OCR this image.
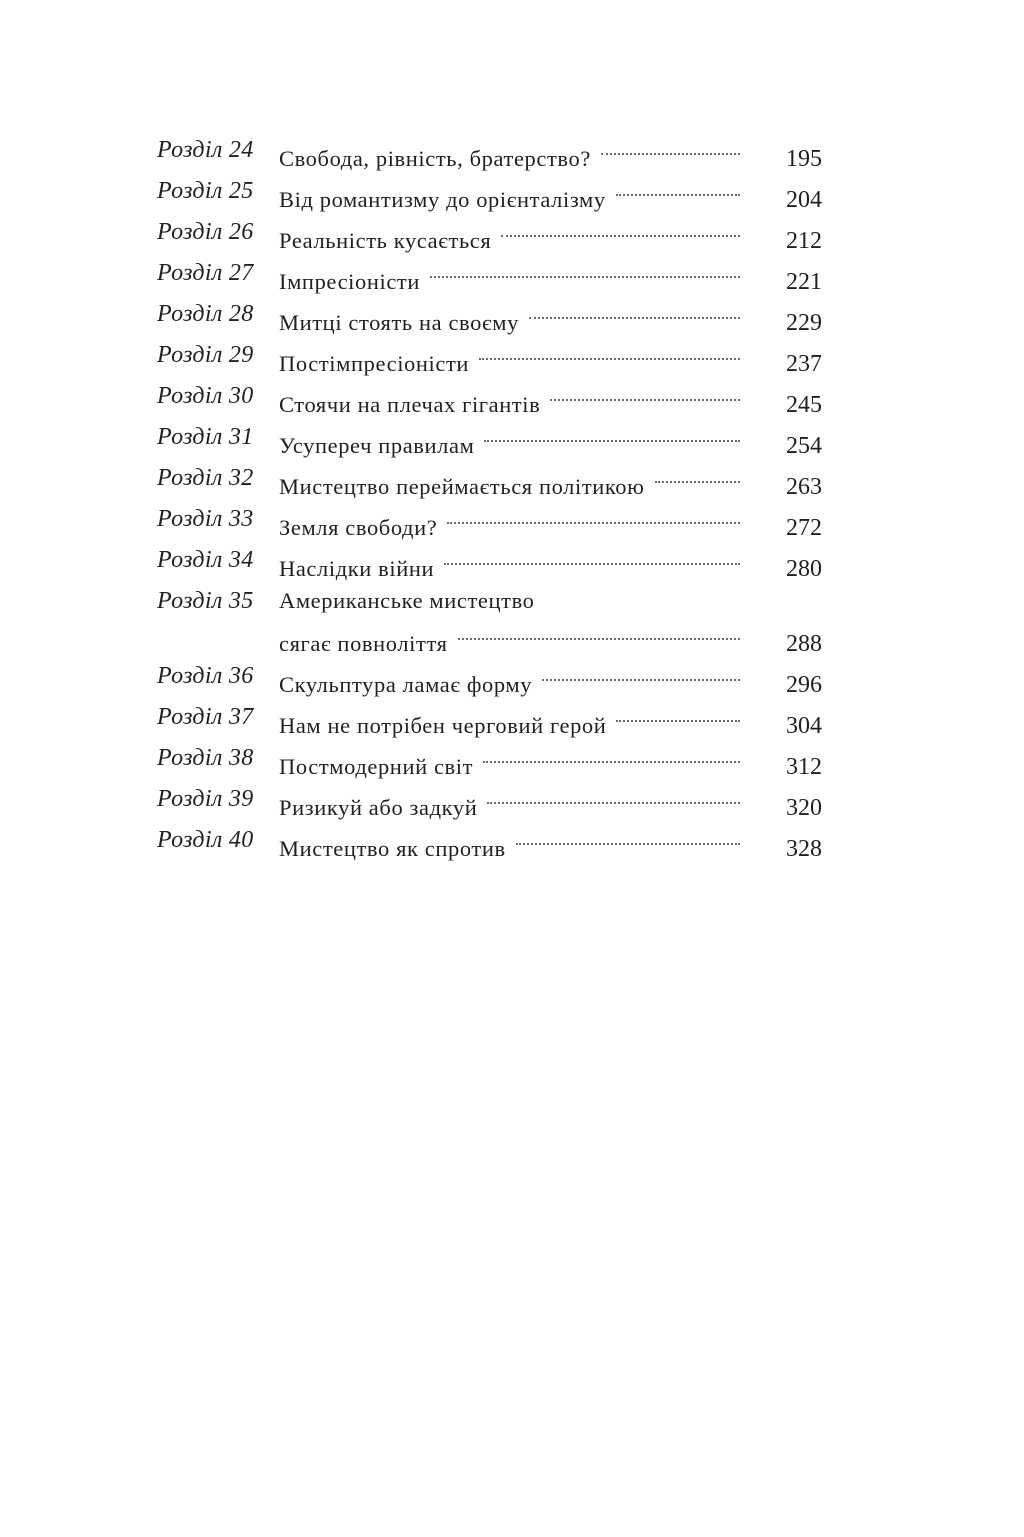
Розділ 24	Свобода, рівність, братерство?	195
Розділ 25	Від романтизму до орієнталізму	204
Розділ 26	Реальність кусається	212
Розділ 27	Імпресіоністи	221
Розділ 28	Митці стоять на своєму	229
Розділ 29	Постімпресіоністи	237
Розділ 30	Стоячи на плечах гігантів	245
Розділ 31	Усупереч правилам	254
Розділ 32	Мистецтво переймається політикою	263
Розділ 33	Земля свободи?	272
Розділ 34	Наслідки війни	280
Розділ 35	Американське мистецтво
сягає повноліття	288
Розділ 36	Скульптура ламає форму	296
Розділ 37	Нам не потрібен черговий герой	304
Розділ 38	Постмодерний світ	312
Розділ 39	Ризикуй або задкуй	320
Розділ 40	Мистецтво як спротив	328
